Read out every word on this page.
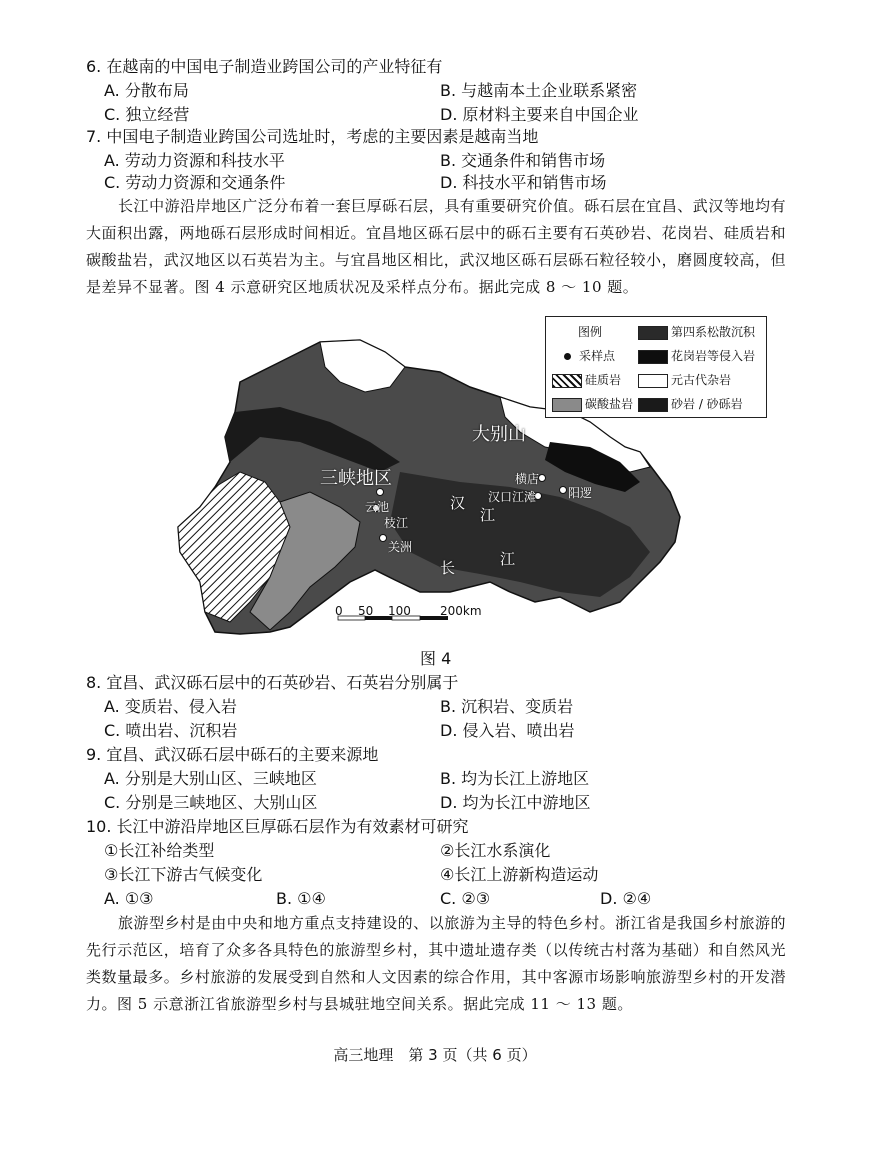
6. 在越南的中国电子制造业跨国公司的产业特征有
A. 分散布局	B. 与越南本土企业联系紧密
C. 独立经营	D. 原材料主要来自中国企业
7. 中国电子制造业跨国公司选址时，考虑的主要因素是越南当地
A. 劳动力资源和科技水平	B. 交通条件和销售市场
C. 劳动力资源和交通条件	D. 科技水平和销售市场
长江中游沿岸地区广泛分布着一套巨厚砾石层，具有重要研究价值。砾石层在宜昌、武汉等地均有大面积出露，两地砾石层形成时间相近。宜昌地区砾石层中的砾石主要有石英砂岩、花岗岩、硅质岩和碳酸盐岩，武汉地区以石英岩为主。与宜昌地区相比，武汉地区砾石层砾石粒径较小，磨圆度较高，但是差异不显著。图 4 示意研究区地质状况及采样点分布。据此完成 8 ～ 10 题。
三峡地区
大别山
横店
汉口江滩	阳逻
云池
枝江
关洲
汉
江
长	江
0 50 100 200km
图例
采样点
硅质岩
碳酸盐岩
第四系松散沉积
花岗岩等侵入岩
元古代杂岩
砂岩 / 砂砾岩
图 4
8. 宜昌、武汉砾石层中的石英砂岩、石英岩分别属于
A. 变质岩、侵入岩	B. 沉积岩、变质岩
C. 喷出岩、沉积岩	D. 侵入岩、喷出岩
9. 宜昌、武汉砾石层中砾石的主要来源地
A. 分别是大别山区、三峡地区	B. 均为长江上游地区
C. 分别是三峡地区、大别山区	D. 均为长江中游地区
10. 长江中游沿岸地区巨厚砾石层作为有效素材可研究
①长江补给类型	②长江水系演化
③长江下游古气候变化	④长江上游新构造运动
A. ①③	B. ①④	C. ②③	D. ②④
旅游型乡村是由中央和地方重点支持建设的、以旅游为主导的特色乡村。浙江省是我国乡村旅游的先行示范区，培育了众多各具特色的旅游型乡村，其中遗址遗存类（以传统古村落为基础）和自然风光类数量最多。乡村旅游的发展受到自然和人文因素的综合作用，其中客源市场影响旅游型乡村的开发潜力。图 5 示意浙江省旅游型乡村与县城驻地空间关系。据此完成 11 ～ 13 题。
高三地理　第 3 页（共 6 页）
